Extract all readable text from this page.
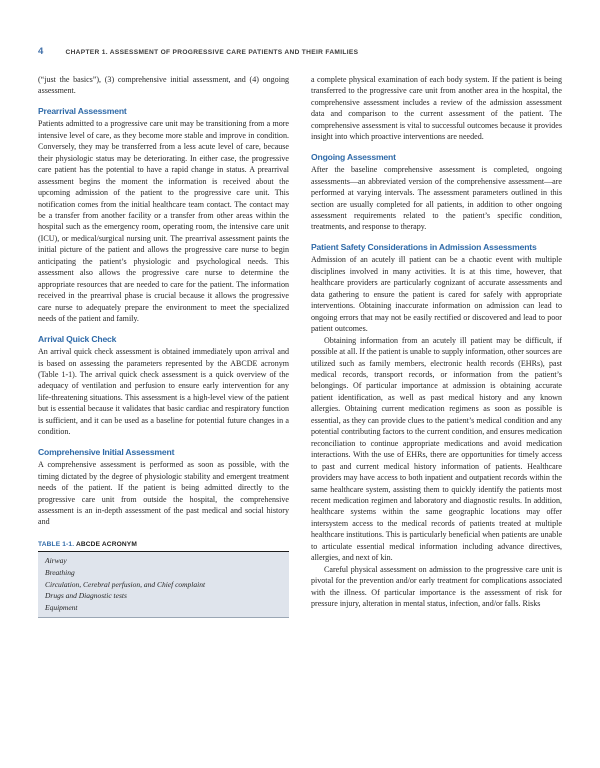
4	CHAPTER 1. ASSESSMENT OF PROGRESSIVE CARE PATIENTS AND THEIR FAMILIES

(“just the basics”), (3) comprehensive initial assessment, and (4) ongoing assessment.

Prearrival Assessment

Patients admitted to a progressive care unit may be transitioning from a more intensive level of care, as they become more stable and improve in condition. Conversely, they may be transferred from a less acute level of care, because their physiologic status may be deteriorating. In either case, the progressive care patient has the potential to have a rapid change in status. A prearrival assessment begins the moment the information is received about the upcoming admission of the patient to the progressive care unit. This notification comes from the initial healthcare team contact. The contact may be a transfer from another facility or a transfer from other areas within the hospital such as the emergency room, operating room, the intensive care unit (ICU), or medical/surgical nursing unit. The prearrival assessment paints the initial picture of the patient and allows the progressive care nurse to begin anticipating the patient’s physiologic and psychological needs. This assessment also allows the progressive care nurse to determine the appropriate resources that are needed to care for the patient. The information received in the prearrival phase is crucial because it allows the progressive care nurse to adequately prepare the environment to meet the specialized needs of the patient and family.

Arrival Quick Check

An arrival quick check assessment is obtained immediately upon arrival and is based on assessing the parameters represented by the ABCDE acronym (Table 1-1). The arrival quick check assessment is a quick overview of the adequacy of ventilation and perfusion to ensure early intervention for any life-threatening situations. This assessment is a high-level view of the patient but is essential because it validates that basic cardiac and respiratory function is sufficient, and it can be used as a baseline for potential future changes in a condition.

Comprehensive Initial Assessment

A comprehensive assessment is performed as soon as possible, with the timing dictated by the degree of physiologic stability and emergent treatment needs of the patient. If the patient is being admitted directly to the progressive care unit from outside the hospital, the comprehensive assessment is an in-depth assessment of the past medical and social history and

TABLE 1-1. ABCDE ACRONYM
Airway
Breathing
Circulation, Cerebral perfusion, and Chief complaint
Drugs and Diagnostic tests
Equipment

a complete physical examination of each body system. If the patient is being transferred to the progressive care unit from another area in the hospital, the comprehensive assessment includes a review of the admission assessment data and comparison to the current assessment of the patient. The comprehensive assessment is vital to successful outcomes because it provides insight into which proactive interventions are needed.

Ongoing Assessment

After the baseline comprehensive assessment is completed, ongoing assessments—an abbreviated version of the comprehensive assessment—are performed at varying intervals. The assessment parameters outlined in this section are usually completed for all patients, in addition to other ongoing assessment requirements related to the patient’s specific condition, treatments, and response to therapy.

Patient Safety Considerations in Admission Assessments

Admission of an acutely ill patient can be a chaotic event with multiple disciplines involved in many activities. It is at this time, however, that healthcare providers are particularly cognizant of accurate assessments and data gathering to ensure the patient is cared for safely with appropriate interventions. Obtaining inaccurate information on admission can lead to ongoing errors that may not be easily rectified or discovered and lead to poor patient outcomes.

Obtaining information from an acutely ill patient may be difficult, if possible at all. If the patient is unable to supply information, other sources are utilized such as family members, electronic health records (EHRs), past medical records, transport records, or information from the patient’s belongings. Of particular importance at admission is obtaining accurate patient identification, as well as past medical history and any known allergies. Obtaining current medication regimens as soon as possible is essential, as they can provide clues to the patient’s medical condition and any potential contributing factors to the current condition, and ensures medication reconciliation to continue appropriate medications and avoid medication interactions. With the use of EHRs, there are opportunities for timely access to past and current medical history information of patients. Healthcare providers may have access to both inpatient and outpatient records within the same healthcare system, assisting them to quickly identify the patients most recent medication regimen and laboratory and diagnostic results. In addition, healthcare systems within the same geographic locations may offer intersystem access to the medical records of patients treated at multiple healthcare institutions. This is particularly beneficial when patients are unable to articulate essential medical information including advance directives, allergies, and next of kin.

Careful physical assessment on admission to the progressive care unit is pivotal for the prevention and/or early treatment for complications associated with the illness. Of particular importance is the assessment of risk for pressure injury, alteration in mental status, infection, and/or falls. Risks
